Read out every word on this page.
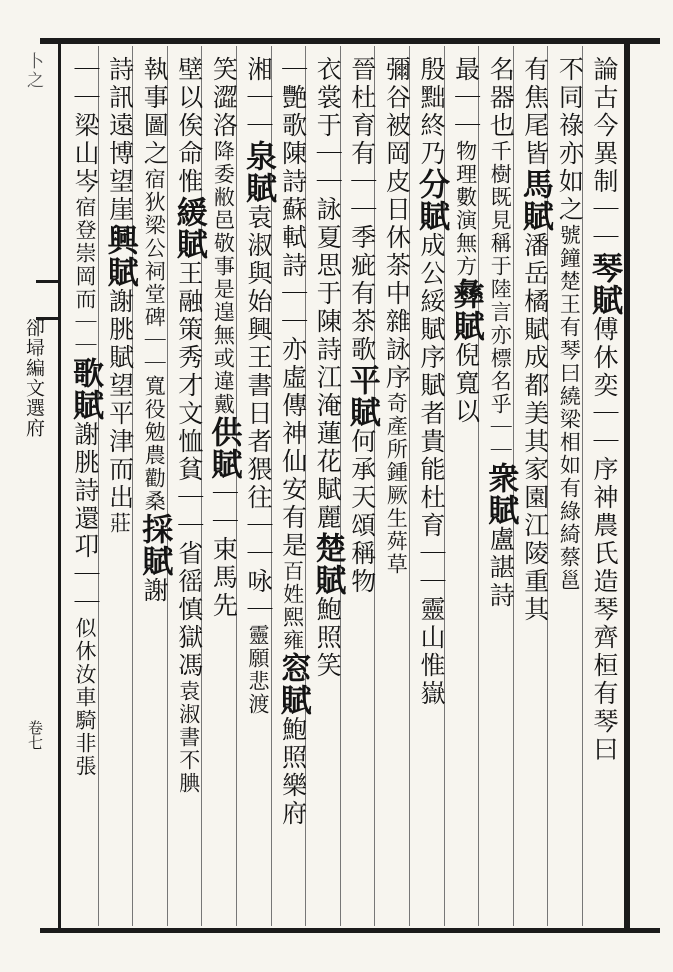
卜之
卻埽編文選府
卷七
論古今異制｜｜琴賦傅休奕｜｜序神農氏造琴齊桓有琴曰
不同祿亦如之號鐘楚王有琴曰繞梁相如有綠綺蔡邕
有焦尾皆馬賦潘岳橘賦成都美其家園江陵重其
名器也千樹既見稱于陸言亦標名乎｜｜衆賦盧諶詩
最｜｜物理數演無方彝賦倪寬以
殷黜終乃分賦成公綏賦序賦者貴能杜育｜｜靈山惟嶽
彌谷被岡皮日休茶中雜詠序奇產所鍾厥生荈草
晉杜育有｜｜季疵有茶歌平賦何承天頌稱物
衣裳于｜｜詠夏思于陳詩江淹蓮花賦麗楚賦鮑照笑
｜艷歌陳詩蘇軾詩｜｜亦虛傳神仙安有是百姓熙雍窓賦鮑照樂府
湘｜｜泉賦袁淑與始興王書日者猥往｜｜咏｜靈願悲渡
笑澀洛降委敝邑敬事是遑無或違戴供賦｜｜束馬先
壁以俟命惟緩賦王融策秀才文恤貧｜｜省徭慎獄馮袁淑書不腆
執事圖之宿狄梁公祠堂碑｜｜寬役勉農勸桑採賦謝
詩訊遠博望崖興賦謝朓賦望平津而出莊
｜｜梁山岑宿登崇岡而｜｜歌賦謝朓詩還卭｜｜似休汝車騎非張
